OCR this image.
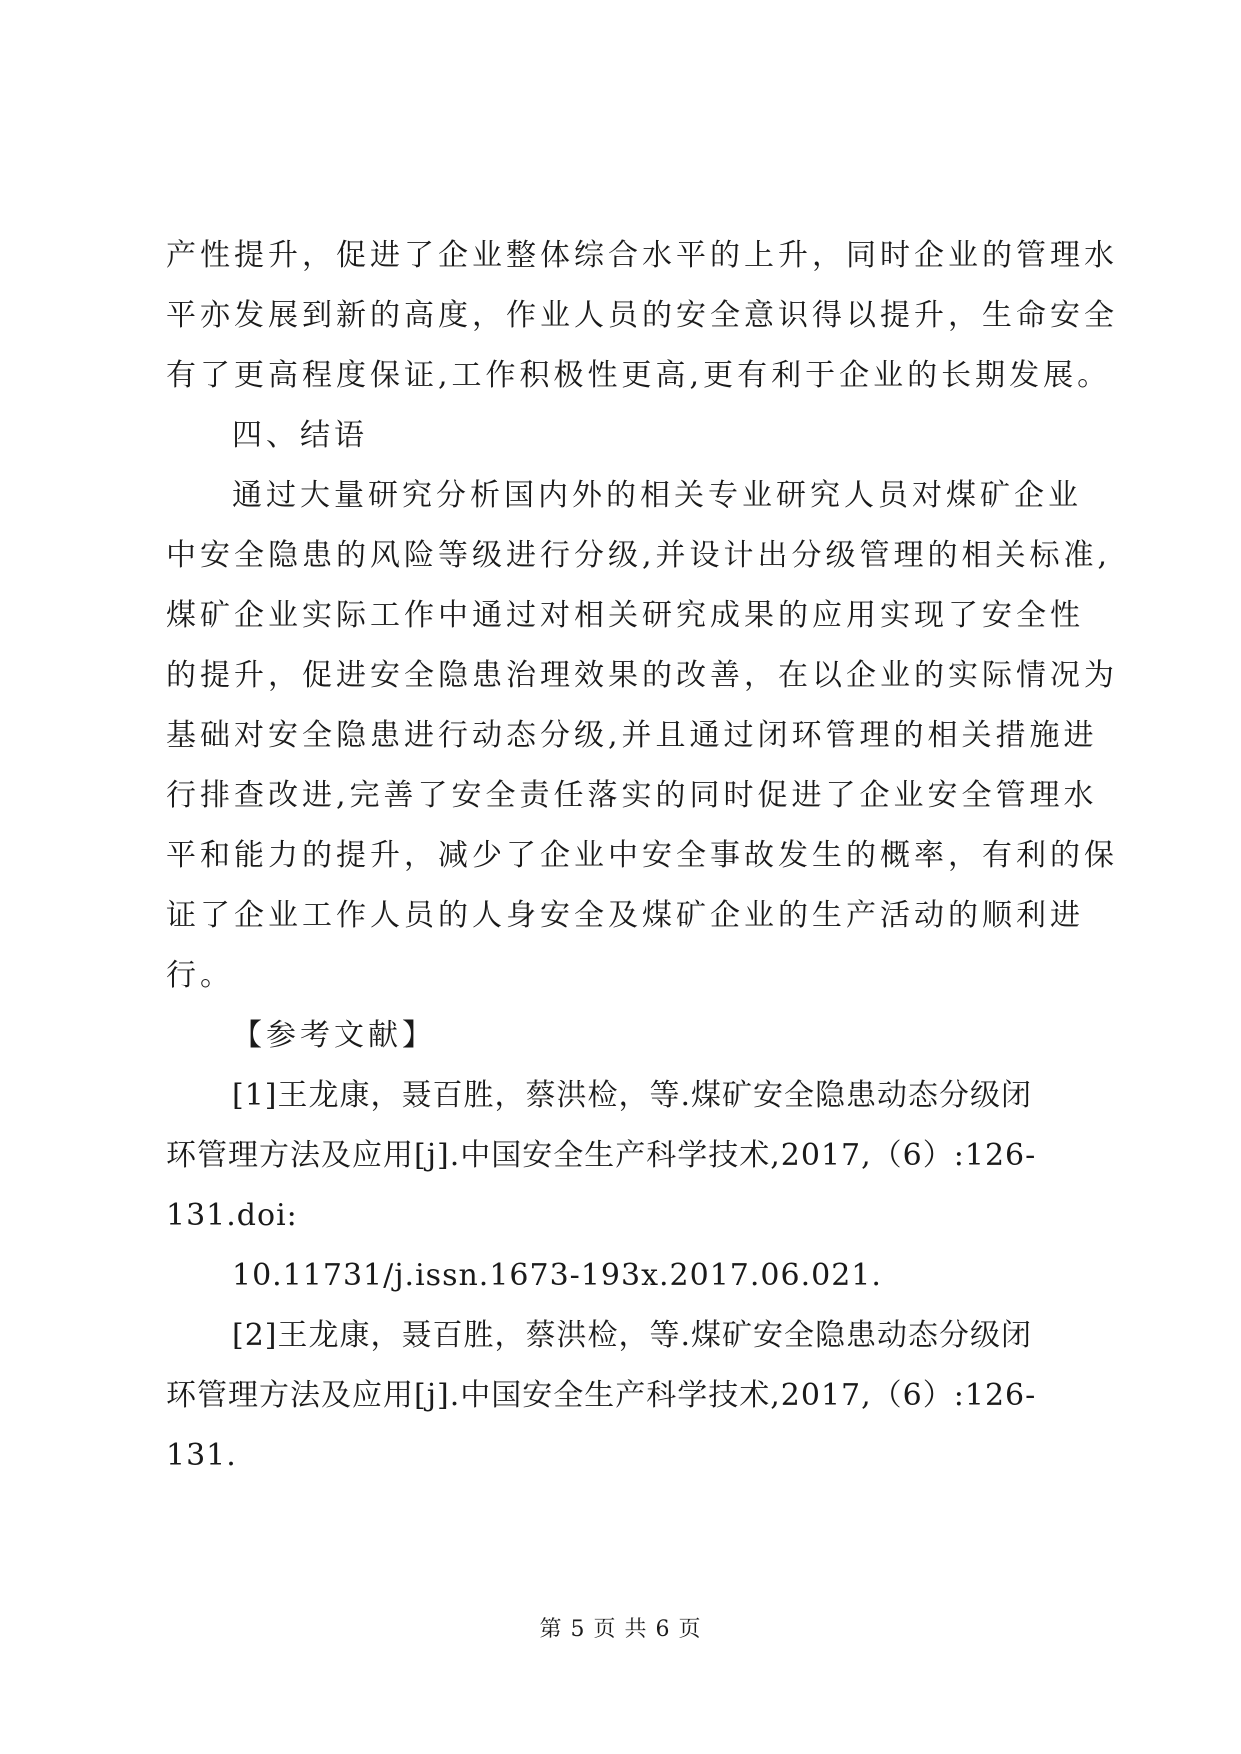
产性提升，促进了企业整体综合水平的上升，同时企业的管理水
平亦发展到新的高度，作业人员的安全意识得以提升，生命安全
有了更高程度保证,工作积极性更高,更有利于企业的长期发展。
四、结语
通过大量研究分析国内外的相关专业研究人员对煤矿企业
中安全隐患的风险等级进行分级,并设计出分级管理的相关标准,
煤矿企业实际工作中通过对相关研究成果的应用实现了安全性
的提升，促进安全隐患治理效果的改善，在以企业的实际情况为
基础对安全隐患进行动态分级,并且通过闭环管理的相关措施进
行排查改进,完善了安全责任落实的同时促进了企业安全管理水
平和能力的提升，减少了企业中安全事故发生的概率，有利的保
证了企业工作人员的人身安全及煤矿企业的生产活动的顺利进
行。
【参考文献】
[1]王龙康，聂百胜，蔡洪检，等.煤矿安全隐患动态分级闭
环管理方法及应用[j].中国安全生产科学技术,2017,（6）:126-
131.doi:
10.11731/j.issn.1673-193x.2017.06.021.
[2]王龙康，聂百胜，蔡洪检，等.煤矿安全隐患动态分级闭
环管理方法及应用[j].中国安全生产科学技术,2017,（6）:126-
131.
第 5 页 共 6 页
